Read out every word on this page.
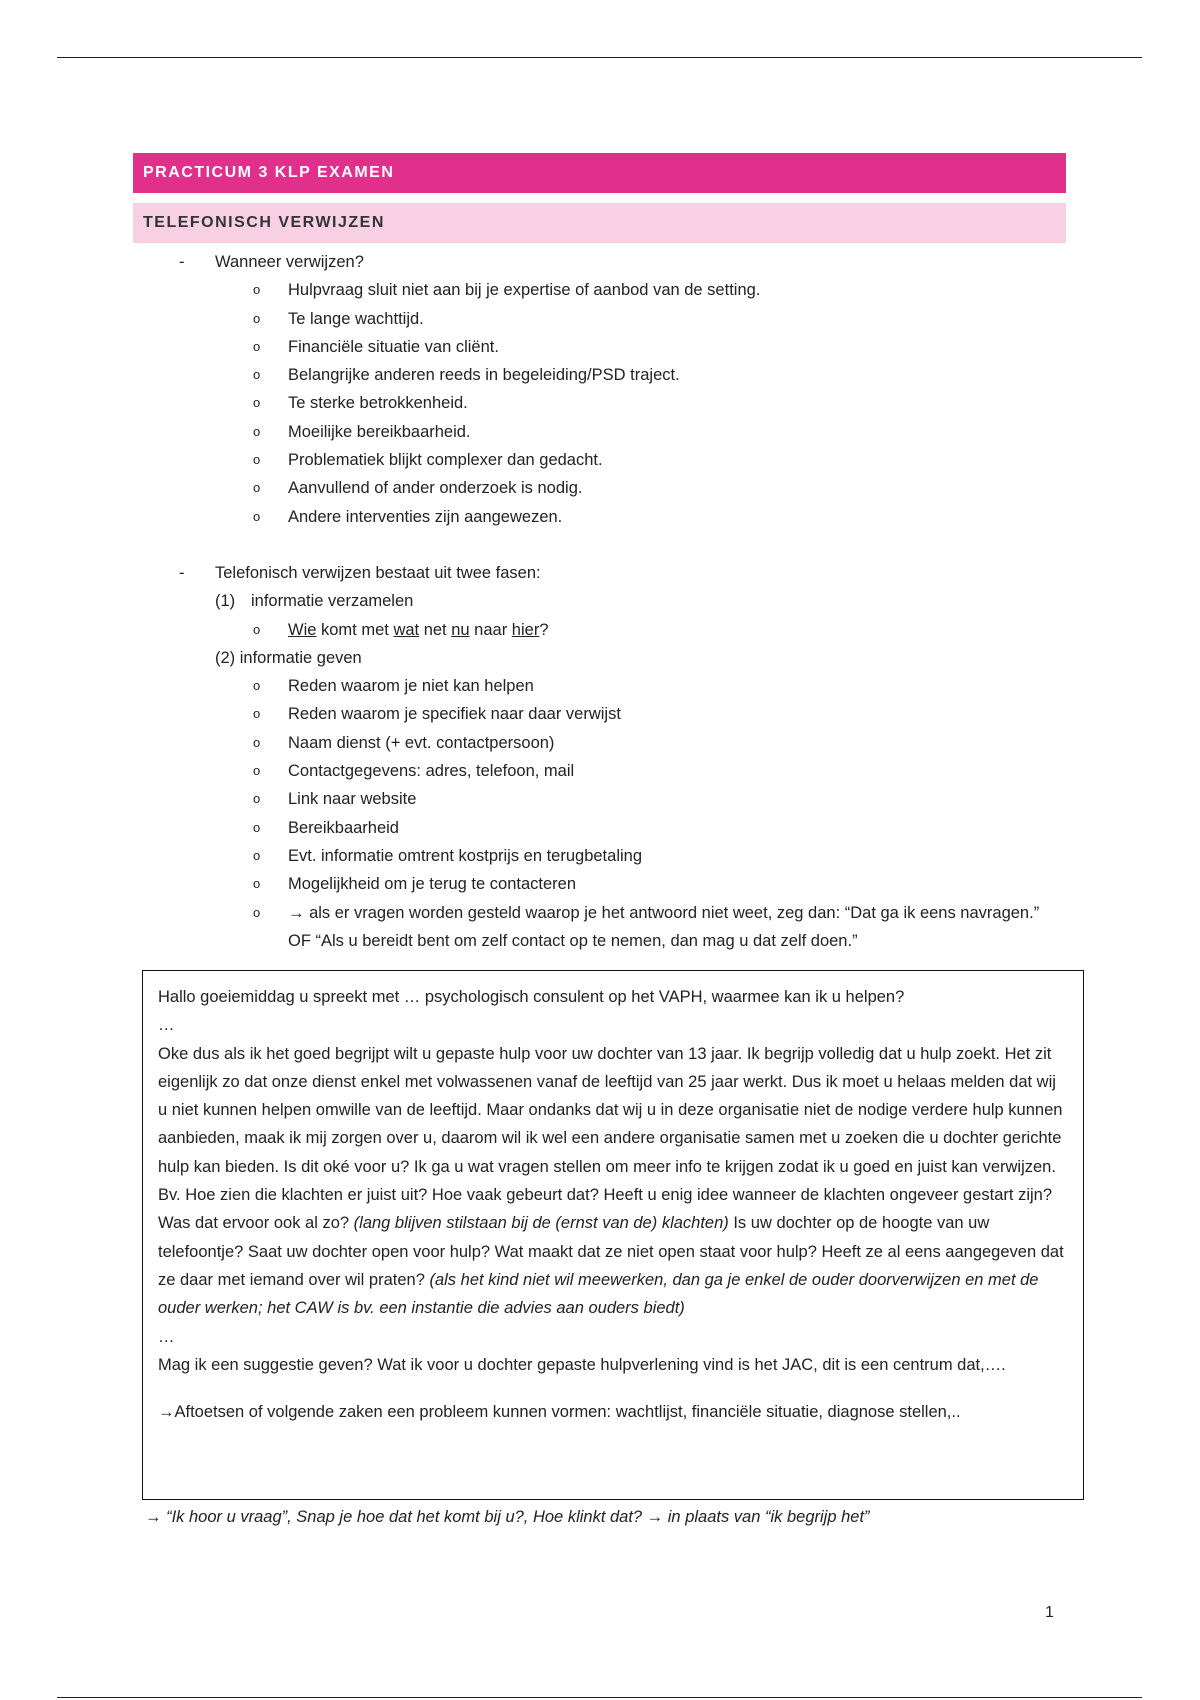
PRACTICUM 3 KLP EXAMEN
TELEFONISCH VERWIJZEN
- Wanneer verwijzen?
o Hulpvraag sluit niet aan bij je expertise of aanbod van de setting.
o Te lange wachttijd.
o Financiële situatie van cliënt.
o Belangrijke anderen reeds in begeleiding/PSD traject.
o Te sterke betrokkenheid.
o Moeilijke bereikbaarheid.
o Problematiek blijkt complexer dan gedacht.
o Aanvullend of ander onderzoek is nodig.
o Andere interventies zijn aangewezen.
- Telefonisch verwijzen bestaat uit twee fasen:
(1) informatie verzamelen
o Wie komt met wat net nu naar hier?
(2) informatie geven
o Reden waarom je niet kan helpen
o Reden waarom je specifiek naar daar verwijst
o Naam dienst (+ evt. contactpersoon)
o Contactgegevens: adres, telefoon, mail
o Link naar website
o Bereikbaarheid
o Evt. informatie omtrent kostprijs en terugbetaling
o Mogelijkheid om je terug te contacteren
o → als er vragen worden gesteld waarop je het antwoord niet weet, zeg dan: “Dat ga ik eens navragen.” OF “Als u bereidt bent om zelf contact op te nemen, dan mag u dat zelf doen.”

Hallo goeiemiddag u spreekt met … psychologisch consulent op het VAPH, waarmee kan ik u helpen?

…

Oke dus als ik het goed begrijpt wilt u gepaste hulp voor uw dochter van 13 jaar. Ik begrijp volledig dat u hulp zoekt. Het zit eigenlijk zo dat onze dienst enkel met volwassenen vanaf de leeftijd van 25 jaar werkt. Dus ik moet u helaas melden dat wij u niet kunnen helpen omwille van de leeftijd. Maar ondanks dat wij u in deze organisatie niet de nodige verdere hulp kunnen aanbieden, maak ik mij zorgen over u, daarom wil ik wel een andere organisatie samen met u zoeken die u dochter gerichte hulp kan bieden. Is dit oké voor u? Ik ga u wat vragen stellen om meer info te krijgen zodat ik u goed en juist kan verwijzen. Bv. Hoe zien die klachten er juist uit? Hoe vaak gebeurt dat? Heeft u enig idee wanneer de klachten ongeveer gestart zijn? Was dat ervoor ook al zo? (lang blijven stilstaan bij de (ernst van de) klachten) Is uw dochter op de hoogte van uw telefoontje? Saat uw dochter open voor hulp? Wat maakt dat ze niet open staat voor hulp? Heeft ze al eens aangegeven dat ze daar met iemand over wil praten? (als het kind niet wil meewerken, dan ga je enkel de ouder doorverwijzen en met de ouder werken; het CAW is bv. een instantie die advies aan ouders biedt)

…

Mag ik een suggestie geven? Wat ik voor u dochter gepaste hulpverlening vind is het JAC, dit is een centrum dat,….

→Aftoetsen of volgende zaken een probleem kunnen vormen: wachtlijst, financiële situatie, diagnose stellen,..

→ “Ik hoor u vraag”, Snap je hoe dat het komt bij u?, Hoe klinkt dat? → in plaats van “ik begrijp het”
1
